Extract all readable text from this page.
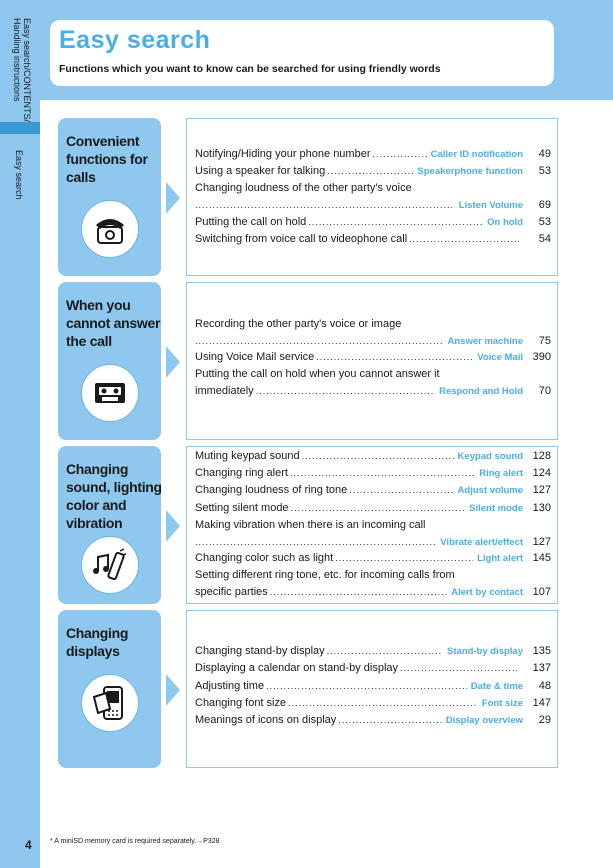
Easy search/CONTENTS/
Handling instructions
Easy search
4
Easy search
Functions which you want to know can be searched for using friendly words
Convenient functions for calls
Notifying/Hiding your phone number .....	Caller ID notification	49
Using a speaker for talking .....	Speakerphone function	53
Changing loudness of the other party's voice
.....
Listen Volume	69
Putting the call on hold .....	On hold	53
Switching from voice call to videophone call .....	54
When you cannot answer the call
Recording the other party's voice or image
.....
Answer machine	75
Using Voice Mail service .....	Voice Mail 390
Putting the call on hold when you cannot answer it
immediately .....	Respond and Hold	70
Changing sound, lighting color and vibration
Muting keypad sound .....	Keypad sound 128
Changing ring alert .....	Ring alert 124
Changing loudness of ring tone .....	Adjust volume 127
Setting silent mode .....	Silent mode 130
Making vibration when there is an incoming call
.....
Vibrate alert/effect 127
Changing color such as light .....	Light alert 145
Setting different ring tone, etc. for incoming calls from
specific parties .....	Alert by contact 107
Changing displays	Changing stand-by display .....	Stand-by display 135
Displaying a calendar on stand-by display .....	137
Adjusting time .....	Date & time	48
Changing font size .....	Font size 147
Meanings of icons on display .....	Display overview	29
* A miniSD memory card is required separately.→P328
